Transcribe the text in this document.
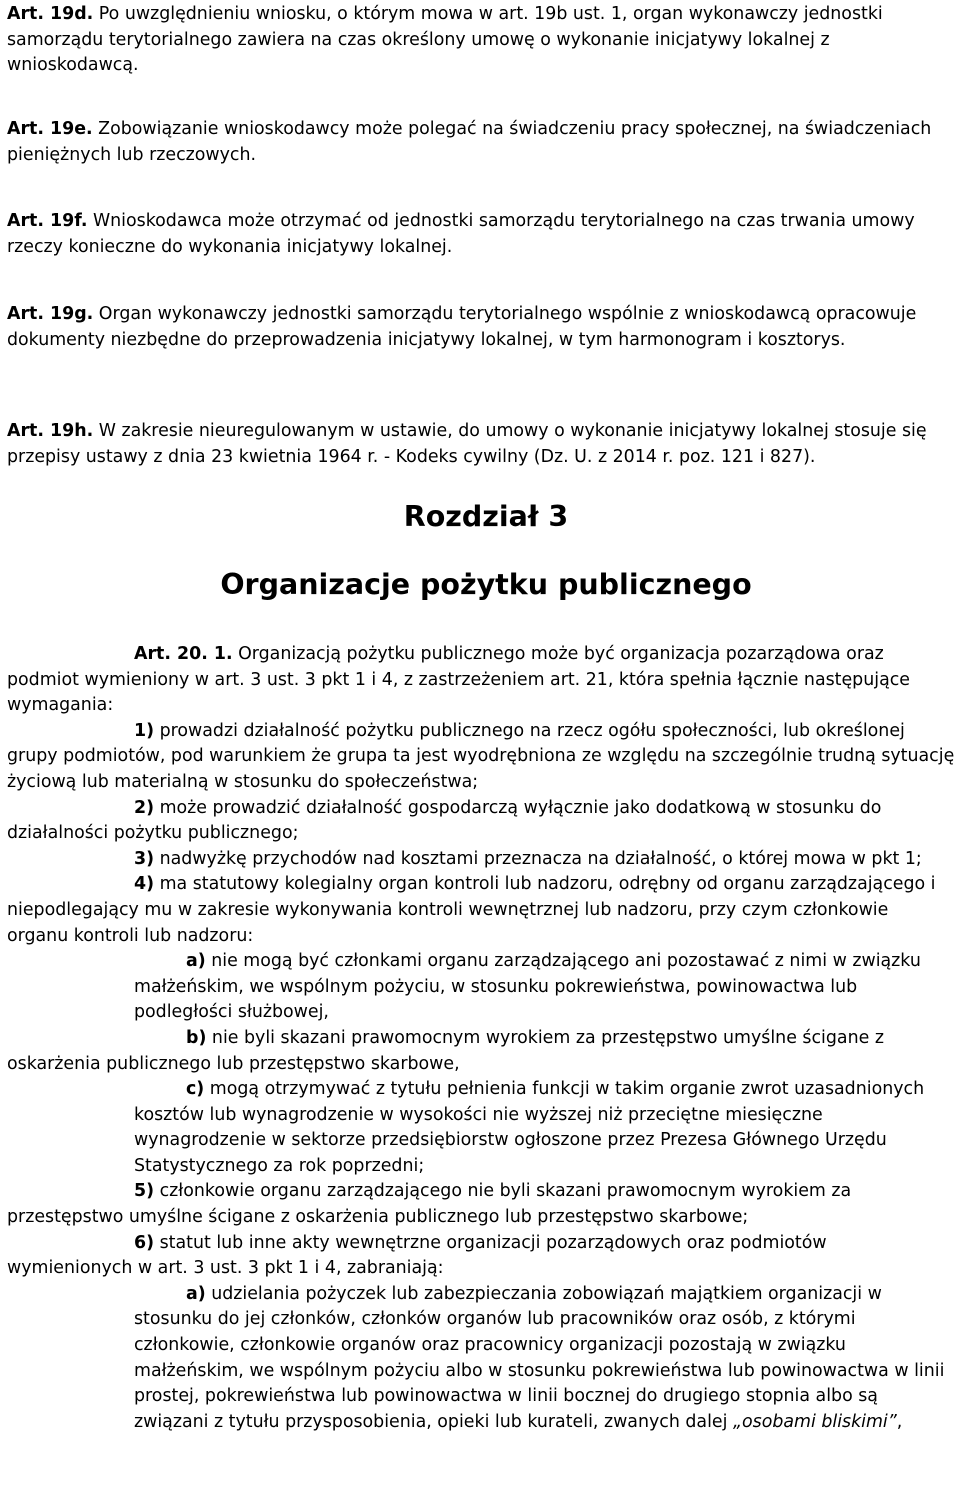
Art. 19d. Po uwzględnieniu wniosku, o którym mowa w art. 19b ust. 1, organ wykonawczy jednostki samorządu terytorialnego zawiera na czas określony umowę o wykonanie inicjatywy lokalnej z wnioskodawcą.

Art. 19e. Zobowiązanie wnioskodawcy może polegać na świadczeniu pracy społecznej, na świadczeniach pieniężnych lub rzeczowych.

Art. 19f. Wnioskodawca może otrzymać od jednostki samorządu terytorialnego na czas trwania umowy rzeczy konieczne do wykonania inicjatywy lokalnej.

Art. 19g. Organ wykonawczy jednostki samorządu terytorialnego wspólnie z wnioskodawcą opracowuje dokumenty niezbędne do przeprowadzenia inicjatywy lokalnej, w tym harmonogram i kosztorys.

Art. 19h. W zakresie nieuregulowanym w ustawie, do umowy o wykonanie inicjatywy lokalnej stosuje się przepisy ustawy z dnia 23 kwietnia 1964 r. - Kodeks cywilny (Dz. U. z 2014 r. poz. 121 i 827).

Rozdział 3
Organizacje pożytku publicznego

Art. 20. 1. Organizacją pożytku publicznego może być organizacja pozarządowa oraz podmiot wymieniony w art. 3 ust. 3 pkt 1 i 4, z zastrzeżeniem art. 21, która spełnia łącznie następujące wymagania:

1) prowadzi działalność pożytku publicznego na rzecz ogółu społeczności, lub określonej grupy podmiotów, pod warunkiem że grupa ta jest wyodrębniona ze względu na szczególnie trudną sytuację życiową lub materialną w stosunku do społeczeństwa;

2) może prowadzić działalność gospodarczą wyłącznie jako dodatkową w stosunku do działalności pożytku publicznego;

3) nadwyżkę przychodów nad kosztami przeznacza na działalność, o której mowa w pkt 1;

4) ma statutowy kolegialny organ kontroli lub nadzoru, odrębny od organu zarządzającego i niepodlegający mu w zakresie wykonywania kontroli wewnętrznej lub nadzoru, przy czym członkowie organu kontroli lub nadzoru:

a) nie mogą być członkami organu zarządzającego ani pozostawać z nimi w związku małżeńskim, we wspólnym pożyciu, w stosunku pokrewieństwa, powinowactwa lub podległości służbowej,

b) nie byli skazani prawomocnym wyrokiem za przestępstwo umyślne ścigane z oskarżenia publicznego lub przestępstwo skarbowe,

c) mogą otrzymywać z tytułu pełnienia funkcji w takim organie zwrot uzasadnionych kosztów lub wynagrodzenie w wysokości nie wyższej niż przeciętne miesięczne wynagrodzenie w sektorze przedsiębiorstw ogłoszone przez Prezesa Głównego Urzędu Statystycznego za rok poprzedni;

5) członkowie organu zarządzającego nie byli skazani prawomocnym wyrokiem za przestępstwo umyślne ścigane z oskarżenia publicznego lub przestępstwo skarbowe;

6) statut lub inne akty wewnętrzne organizacji pozarządowych oraz podmiotów wymienionych w art. 3 ust. 3 pkt 1 i 4, zabraniają:

a) udzielania pożyczek lub zabezpieczania zobowiązań majątkiem organizacji w stosunku do jej członków, członków organów lub pracowników oraz osób, z którymi członkowie, członkowie organów oraz pracownicy organizacji pozostają w związku małżeńskim, we wspólnym pożyciu albo w stosunku pokrewieństwa lub powinowactwa w linii prostej, pokrewieństwa lub powinowactwa w linii bocznej do drugiego stopnia albo są związani z tytułu przysposobienia, opieki lub kurateli, zwanych dalej „osobami bliskimi”,
